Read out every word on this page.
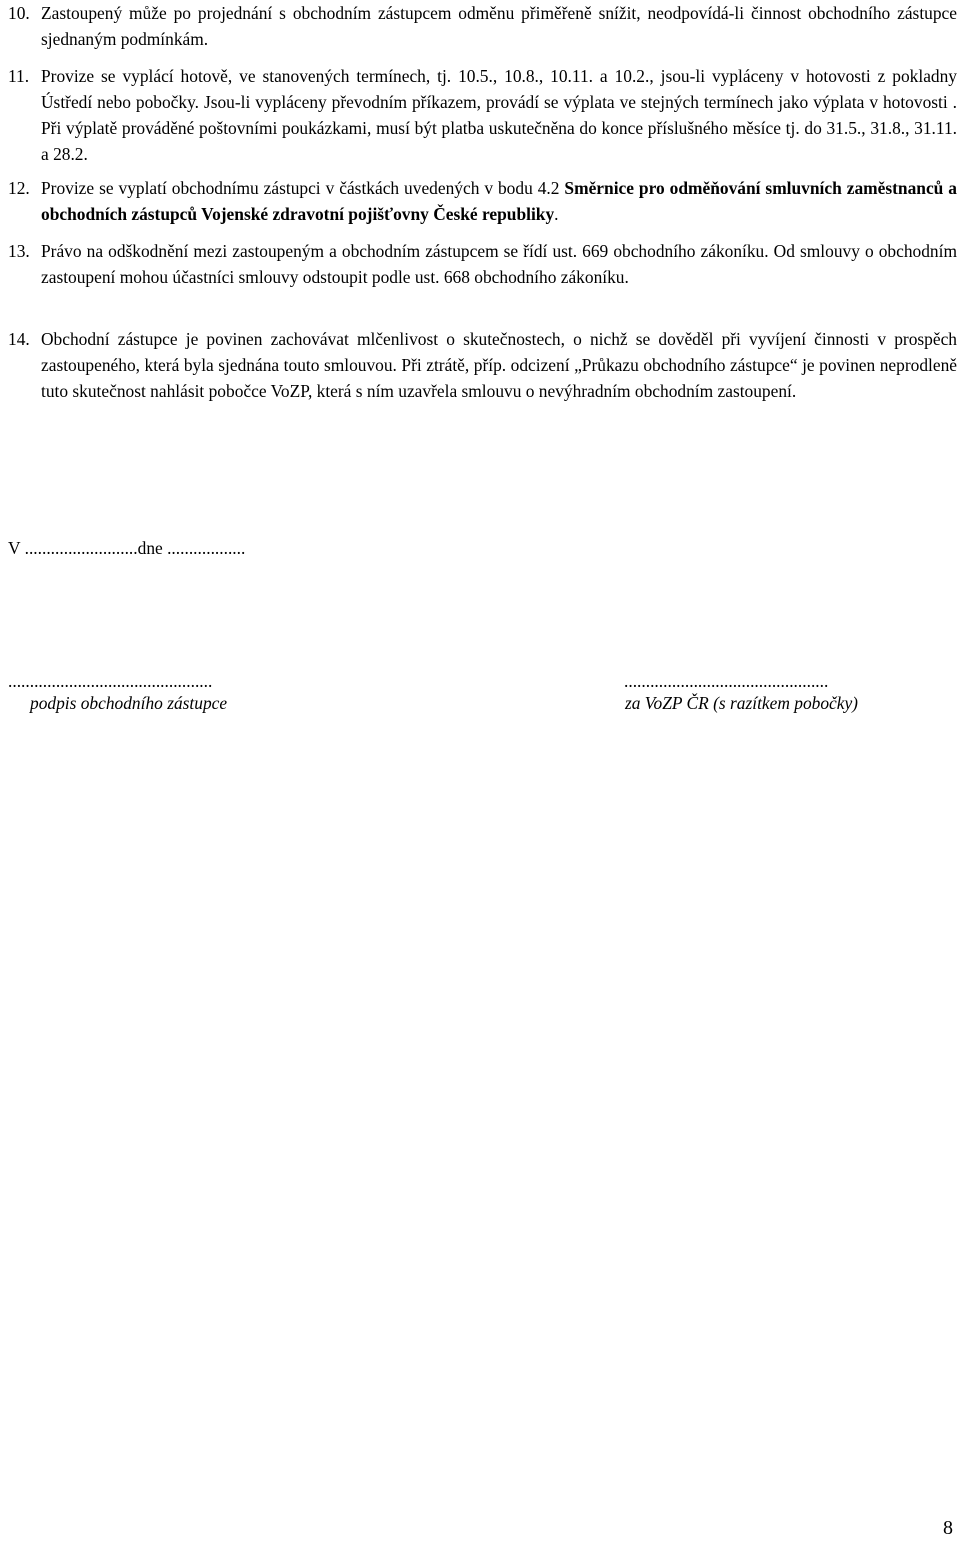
10. Zastoupený může po projednání s obchodním zástupcem odměnu přiměřeně snížit, neodpovídá-li činnost obchodního zástupce sjednaným podmínkám.

11. Provize se vyplácí hotově, ve stanovených termínech, tj. 10.5., 10.8., 10.11. a 10.2., jsou-li vypláceny v hotovosti z pokladny Ústředí nebo pobočky. Jsou-li vypláceny převodním příkazem, provádí se výplata ve stejných termínech jako výplata v hotovosti . Při výplatě prováděné poštovními poukázkami, musí být platba uskutečněna do konce příslušného měsíce tj. do 31.5., 31.8., 31.11. a 28.2.

12. Provize se vyplatí obchodnímu zástupci v částkách uvedených v bodu 4.2 Směrnice pro odměňování smluvních zaměstnanců a obchodních zástupců Vojenské zdravotní pojišťovny České republiky.

13. Právo na odškodnění mezi zastoupeným a obchodním zástupcem se řídí ust. 669 obchodního zákoníku. Od smlouvy o obchodním zastoupení mohou účastníci smlouvy odstoupit podle ust. 668 obchodního zákoníku.

14. Obchodní zástupce je povinen zachovávat mlčenlivost o skutečnostech, o nichž se dověděl při vyvíjení činnosti v prospěch zastoupeného, která byla sjednána touto smlouvou. Při ztrátě, příp. odcizení „Průkazu obchodního zástupce“ je povinen neprodleně tuto skutečnost nahlásit pobočce VoZP, která s ním uzavřela smlouvu o nevýhradním obchodním zastoupení.

V ..........................dne ..................
...............................................
podpis obchodního zástupce
...............................................
za VoZP ČR (s razítkem pobočky)
8
